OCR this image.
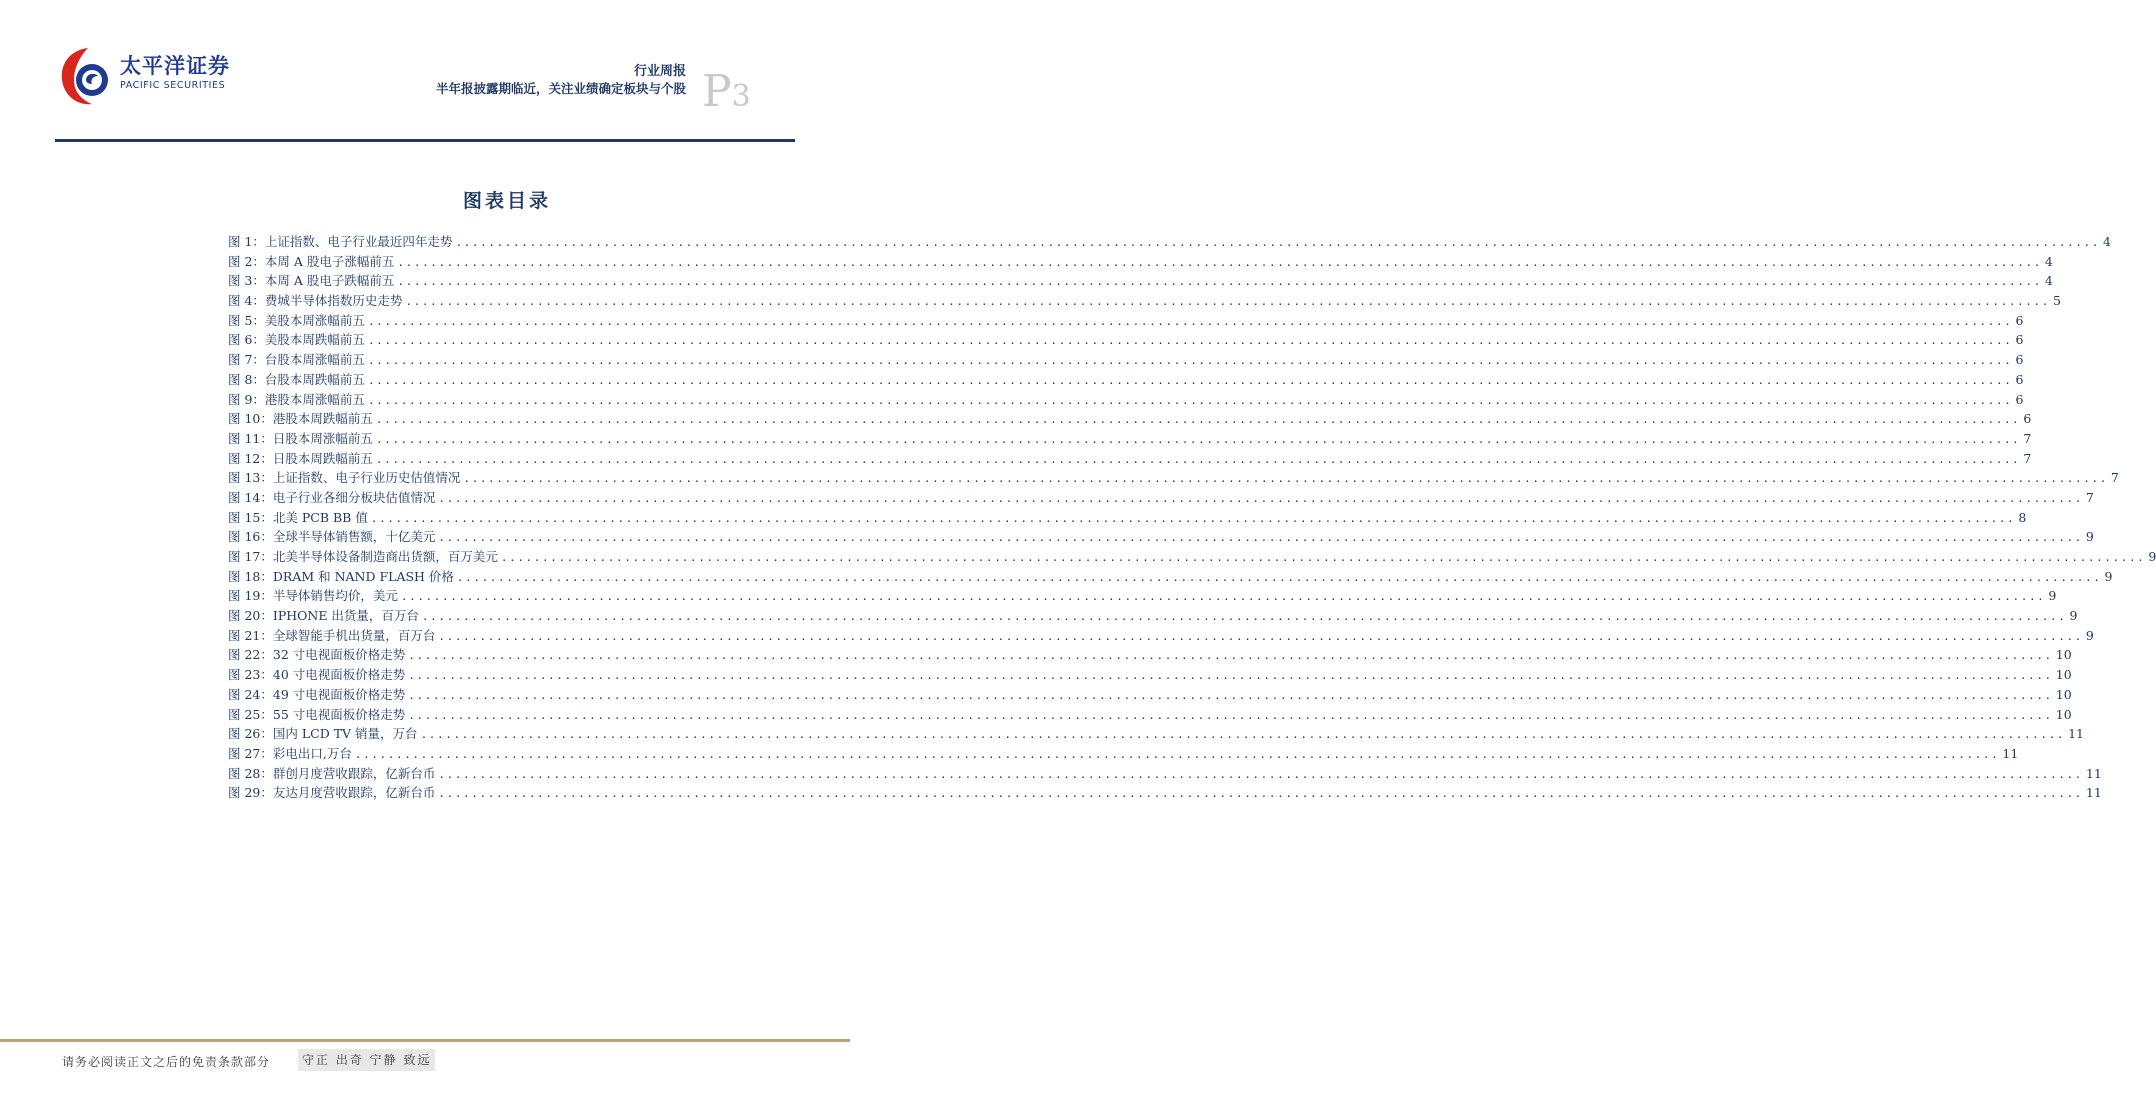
太平洋证券
PACIFIC SECURITIES
行业周报
半年报披露期临近，关注业绩确定板块与个股 P3
图表目录
图 1：上证指数、电子行业最近四年走势 ........................................................................................................................................................................................................ 4
图 2：本周 A 股电子涨幅前五 ........................................................................................................................................................................................................ 4
图 3：本周 A 股电子跌幅前五 ........................................................................................................................................................................................................ 4
图 4：费城半导体指数历史走势 ........................................................................................................................................................................................................ 5
图 5：美股本周涨幅前五 ........................................................................................................................................................................................................ 6
图 6：美股本周跌幅前五 ........................................................................................................................................................................................................ 6
图 7：台股本周涨幅前五 ........................................................................................................................................................................................................ 6
图 8：台股本周跌幅前五 ........................................................................................................................................................................................................ 6
图 9：港股本周涨幅前五 ........................................................................................................................................................................................................ 6
图 10：港股本周跌幅前五 ........................................................................................................................................................................................................ 6
图 11：日股本周涨幅前五 ........................................................................................................................................................................................................ 7
图 12：日股本周跌幅前五 ........................................................................................................................................................................................................ 7
图 13：上证指数、电子行业历史估值情况 ........................................................................................................................................................................................................ 7
图 14：电子行业各细分板块估值情况 ........................................................................................................................................................................................................ 7
图 15：北美 PCB BB 值 ........................................................................................................................................................................................................ 8
图 16：全球半导体销售额，十亿美元 ........................................................................................................................................................................................................ 9
图 17：北美半导体设备制造商出货额，百万美元 ........................................................................................................................................................................................................ 9
图 18：DRAM 和 NAND FLASH 价格 ........................................................................................................................................................................................................ 9
图 19：半导体销售均价，美元 ........................................................................................................................................................................................................ 9
图 20：IPHONE 出货量，百万台 ........................................................................................................................................................................................................ 9
图 21：全球智能手机出货量，百万台 ........................................................................................................................................................................................................ 9
图 22：32 寸电视面板价格走势 ........................................................................................................................................................................................................ 10
图 23：40 寸电视面板价格走势 ........................................................................................................................................................................................................ 10
图 24：49 寸电视面板价格走势 ........................................................................................................................................................................................................ 10
图 25：55 寸电视面板价格走势 ........................................................................................................................................................................................................ 10
图 26：国内 LCD TV 销量，万台 ........................................................................................................................................................................................................ 11
图 27：彩电出口,万台 ........................................................................................................................................................................................................ 11
图 28：群创月度营收跟踪，亿新台币 ........................................................................................................................................................................................................ 11
图 29：友达月度营收跟踪，亿新台币 ........................................................................................................................................................................................................ 11
请务必阅读正文之后的免责条款部分	守正 出奇 宁静 致远
